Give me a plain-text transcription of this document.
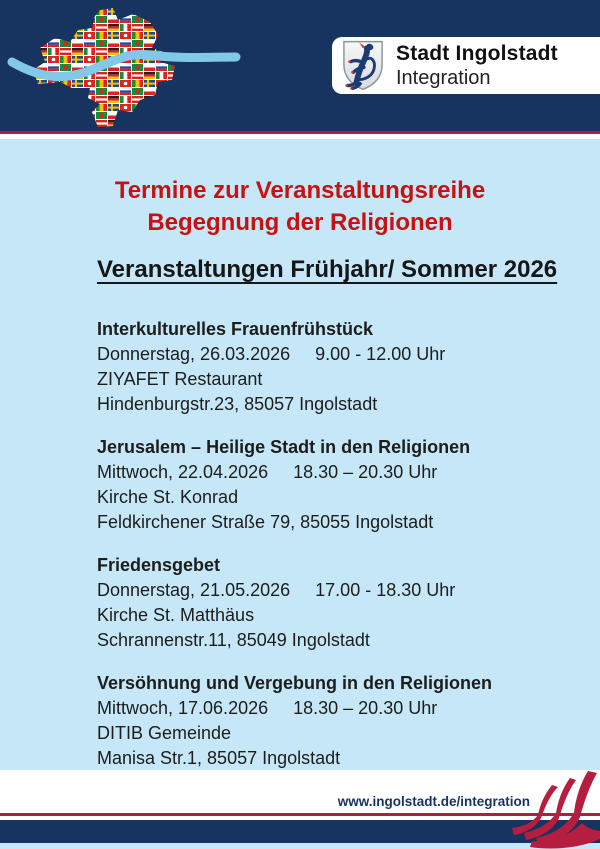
Stadt Ingolstadt
Integration
Termine zur Veranstaltungsreihe
Begegnung der Religionen
Veranstaltungen Frühjahr/ Sommer 2026
Interkulturelles Frauenfrühstück
Donnerstag, 26.03.2026 9.00 - 12.00 Uhr
ZIYAFET Restaurant
Hindenburgstr.23, 85057 Ingolstadt
Jerusalem – Heilige Stadt in den Religionen
Mittwoch, 22.04.2026 18.30 – 20.30 Uhr
Kirche St. Konrad
Feldkirchener Straße 79, 85055 Ingolstadt
Friedensgebet
Donnerstag, 21.05.2026 17.00 - 18.30 Uhr
Kirche St. Matthäus
Schrannenstr.11, 85049 Ingolstadt
Versöhnung und Vergebung in den Religionen
Mittwoch, 17.06.2026 18.30 – 20.30 Uhr
DITIB Gemeinde
Manisa Str.1, 85057 Ingolstadt
www.ingolstadt.de/integration
